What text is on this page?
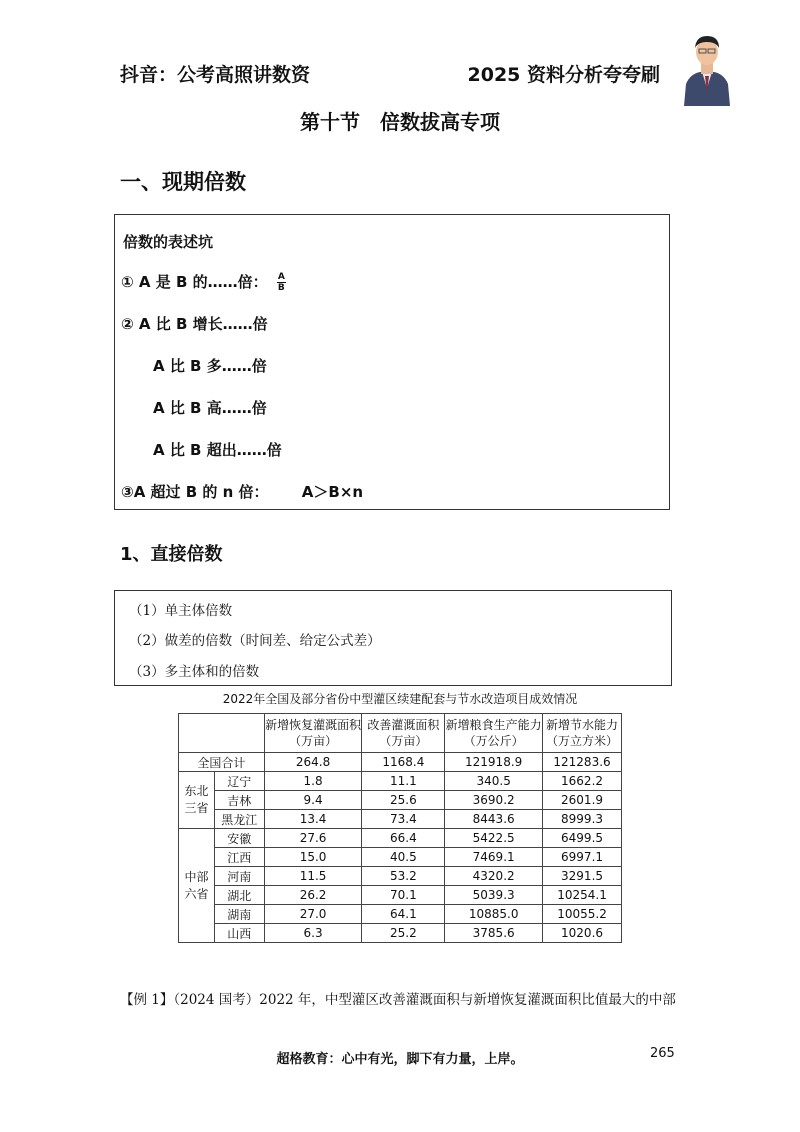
抖音：公考高照讲数资	2025 资料分析夸夸刷
第十节　倍数拔高专项
一、现期倍数
倍数的表述坑
① A 是 B 的……倍： $\frac{A}{B}$
② A 比 B 增长……倍
A 比 B 多……倍
A 比 B 高……倍
A 比 B 超出……倍
③A 超过 B 的 n 倍： A＞B×n
1、直接倍数
（1）单主体倍数
（2）做差的倍数（时间差、给定公式差）
（3）多主体和的倍数
2022年全国及部分省份中型灌区续建配套与节水改造项目成效情况
		新增恢复灌溉面积（万亩）	改善灌溉面积（万亩）	新增粮食生产能力（万公斤）	新增节水能力（万立方米）
全国合计		264.8	1168.4	121918.9	121283.6
东北三省	辽宁	1.8	11.1	340.5	1662.2
	吉林	9.4	25.6	3690.2	2601.9
	黑龙江	13.4	73.4	8443.6	8999.3
中部六省	安徽	27.6	66.4	5422.5	6499.5
	江西	15.0	40.5	7469.1	6997.1
	河南	11.5	53.2	4320.2	3291.5
	湖北	26.2	70.1	5039.3	10254.1
	湖南	27.0	64.1	10885.0	10055.2
	山西	6.3	25.2	3785.6	1020.6
【例 1】（2024 国考）2022 年，中型灌区改善灌溉面积与新增恢复灌溉面积比值最大的中部
超格教育：心中有光，脚下有力量，上岸。	265
